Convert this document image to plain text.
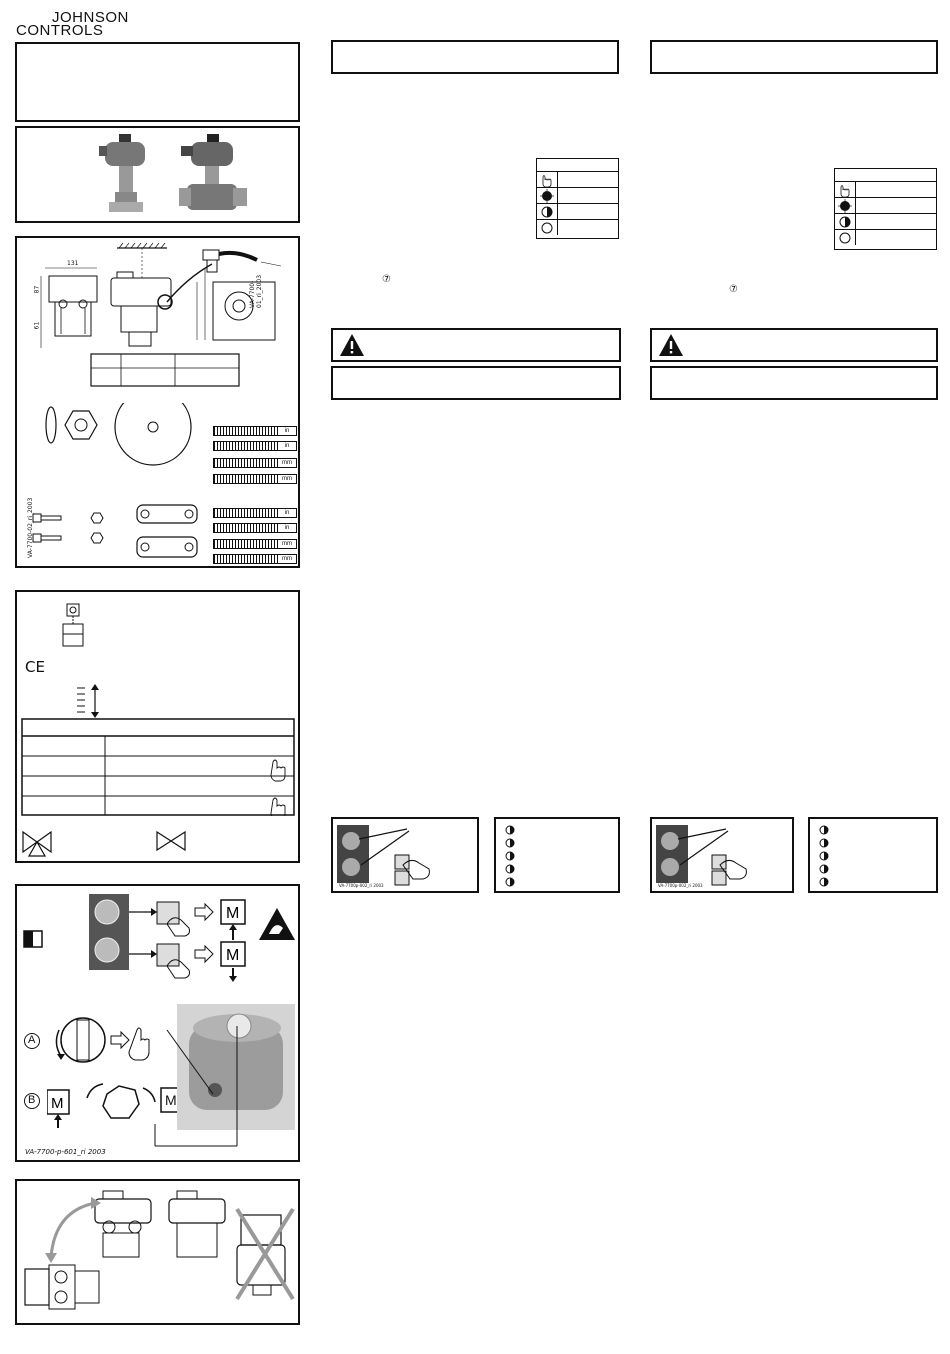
JOHNSON
CONTROLS
131
87
61
VA-7700-01_ri_2003
VA-7700-02_ri_2003
in
in
mm
mm
in
in
mm
mm
CE
M
M
A
B M	M
VA-7700-p-601_ri 2003
⑦
VA-7700p-002_ri 2003
⑦
VA-7700p-002_ri 2003
